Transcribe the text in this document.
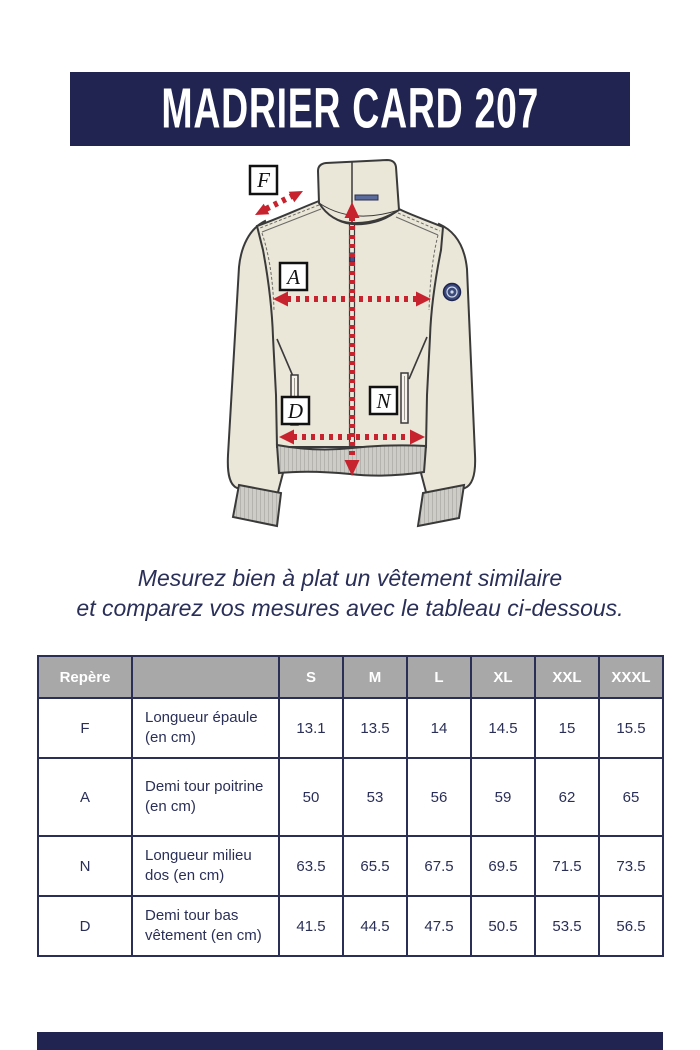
MADRIER CARD 207
F
A
N
D
Mesurez bien à plat un vêtement similaire
et comparez vos mesures avec le tableau ci-dessous.
Repère		S	M	L	XL	XXL	XXXL
F	Longueur épaule (en cm)	13.1	13.5	14	14.5	15	15.5
A	Demi tour poitrine (en cm)	50	53	56	59	62	65
N	Longueur milieu dos (en cm)	63.5	65.5	67.5	69.5	71.5	73.5
D	Demi tour bas vêtement (en cm)	41.5	44.5	47.5	50.5	53.5	56.5
